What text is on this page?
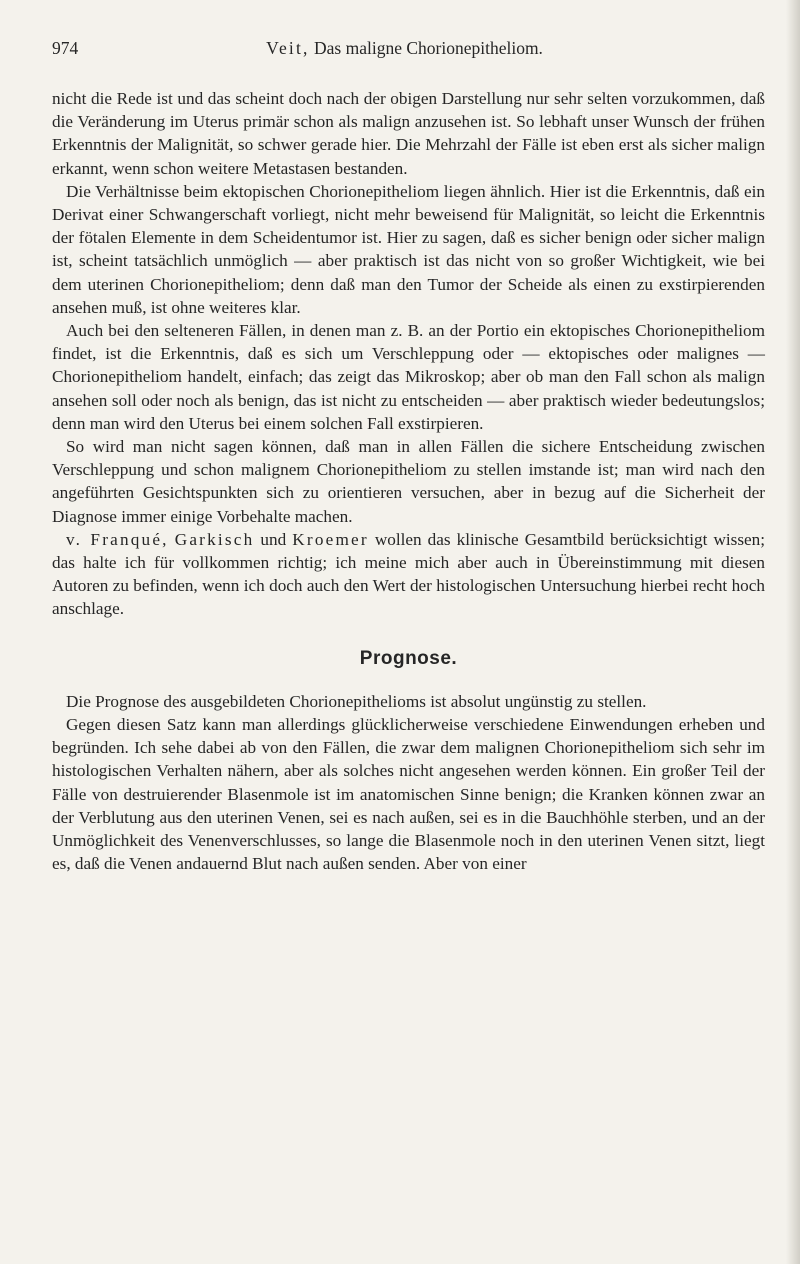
974	Veit, Das maligne Chorionepitheliom.

nicht die Rede ist und das scheint doch nach der obigen Darstellung nur sehr selten vorzukommen, daß die Veränderung im Uterus primär schon als malign anzusehen ist. So lebhaft unser Wunsch der frühen Erkenntnis der Malignität, so schwer gerade hier. Die Mehrzahl der Fälle ist eben erst als sicher malign erkannt, wenn schon weitere Metastasen bestanden.

Die Verhältnisse beim ektopischen Chorionepitheliom liegen ähnlich. Hier ist die Erkenntnis, daß ein Derivat einer Schwangerschaft vorliegt, nicht mehr beweisend für Malignität, so leicht die Erkenntnis der fötalen Elemente in dem Scheidentumor ist. Hier zu sagen, daß es sicher benign oder sicher malign ist, scheint tatsächlich unmöglich — aber praktisch ist das nicht von so großer Wichtigkeit, wie bei dem uterinen Chorionepitheliom; denn daß man den Tumor der Scheide als einen zu exstirpierenden ansehen muß, ist ohne weiteres klar.

Auch bei den selteneren Fällen, in denen man z. B. an der Portio ein ektopisches Chorionepitheliom findet, ist die Erkenntnis, daß es sich um Verschleppung oder — ektopisches oder malignes — Chorionepitheliom handelt, einfach; das zeigt das Mikroskop; aber ob man den Fall schon als malign ansehen soll oder noch als benign, das ist nicht zu entscheiden — aber praktisch wieder bedeutungslos; denn man wird den Uterus bei einem solchen Fall exstirpieren.

So wird man nicht sagen können, daß man in allen Fällen die sichere Entscheidung zwischen Verschleppung und schon malignem Chorionepitheliom zu stellen imstande ist; man wird nach den angeführten Gesichtspunkten sich zu orientieren versuchen, aber in bezug auf die Sicherheit der Diagnose immer einige Vorbehalte machen.

v. Franqué, Garkisch und Kroemer wollen das klinische Gesamtbild berücksichtigt wissen; das halte ich für vollkommen richtig; ich meine mich aber auch in Übereinstimmung mit diesen Autoren zu befinden, wenn ich doch auch den Wert der histologischen Untersuchung hierbei recht hoch anschlage.

Prognose.

Die Prognose des ausgebildeten Chorionepithelioms ist absolut ungünstig zu stellen.

Gegen diesen Satz kann man allerdings glücklicherweise verschiedene Einwendungen erheben und begründen. Ich sehe dabei ab von den Fällen, die zwar dem malignen Chorionepitheliom sich sehr im histologischen Verhalten nähern, aber als solches nicht angesehen werden können. Ein großer Teil der Fälle von destruierender Blasenmole ist im anatomischen Sinne benign; die Kranken können zwar an der Verblutung aus den uterinen Venen, sei es nach außen, sei es in die Bauchhöhle sterben, und an der Unmöglichkeit des Venenverschlusses, so lange die Blasenmole noch in den uterinen Venen sitzt, liegt es, daß die Venen andauernd Blut nach außen senden. Aber von einer
